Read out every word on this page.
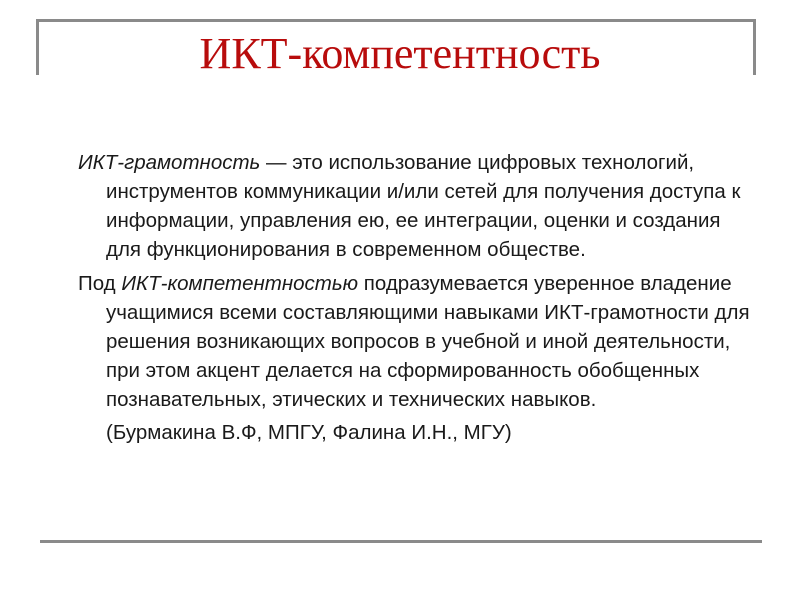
ИКТ-компетентность

ИКТ-грамотность — это использование цифровых технологий, инструментов коммуникации и/или сетей для получения доступа к информации, управления ею, ее интеграции, оценки и создания для функционирования в современном обществе.

Под ИКТ-компетентностью подразумевается уверенное владение учащимися всеми составляющими навыками ИКТ-грамотности для решения возникающих вопросов в учебной и иной деятельности, при этом акцент делается на сформированность обобщенных познавательных, этических и технических навыков.

(Бурмакина В.Ф, МПГУ, Фалина И.Н., МГУ)
